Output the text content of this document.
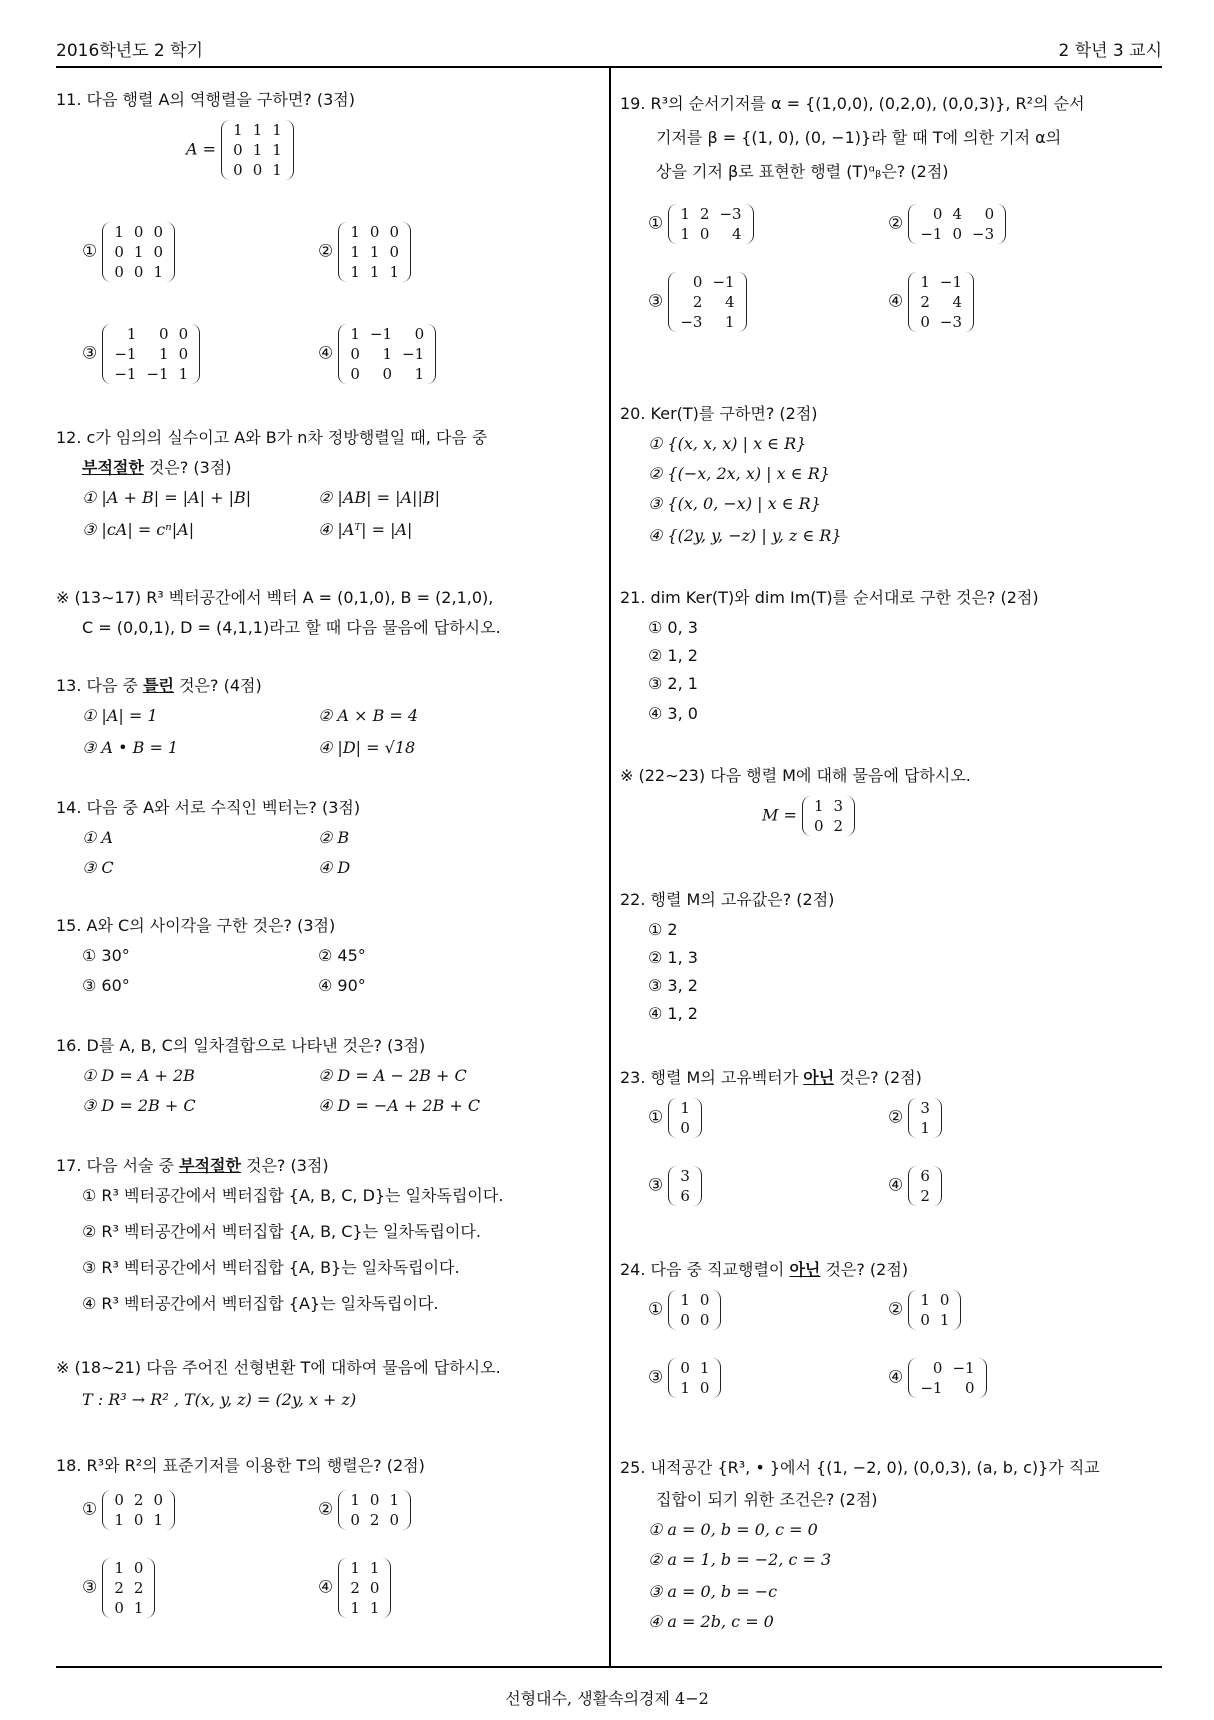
2016학년도 2 학기	2 학년 3 교시
선형대수, 생활속의경제 4−2
11. 다음 행렬 A의 역행렬을 구하면? (3점)
A =
1	1	1
0	1	1
0	0	1
①
1	0	0
0	1	0
0	0	1
②
1	0	0
1	1	0
1	1	1
③
1	0	0
−1	1	0
−1	−1	1
④
1	−1	0
0	1	−1
0	0	1
12. c가 임의의 실수이고 A와 B가 n차 정방행렬일 때, 다음 중
부적절한 것은? (3점)
① |A + B| = |A| + |B|	② |AB| = |A||B|
③ |cA| = cⁿ|A|	④ |Aᵀ| = |A|
※ (13∼17) R³ 벡터공간에서 벡터 A = (0,1,0), B = (2,1,0),
C = (0,0,1), D = (4,1,1)라고 할 때 다음 물음에 답하시오.
13. 다음 중 틀린 것은? (4점)
① |A| = 1	② A × B = 4
③ A • B = 1	④ |D| = √18
14. 다음 중 A와 서로 수직인 벡터는? (3점)
① A	② B
③ C	④ D
15. A와 C의 사이각을 구한 것은? (3점)
① 30°	② 45°
③ 60°	④ 90°
16. D를 A, B, C의 일차결합으로 나타낸 것은? (3점)
① D = A + 2B	② D = A − 2B + C
③ D = 2B + C	④ D = −A + 2B + C
17. 다음 서술 중 부적절한 것은? (3점)
① R³ 벡터공간에서 벡터집합 {A, B, C, D}는 일차독립이다.
② R³ 벡터공간에서 벡터집합 {A, B, C}는 일차독립이다.
③ R³ 벡터공간에서 벡터집합 {A, B}는 일차독립이다.
④ R³ 벡터공간에서 벡터집합 {A}는 일차독립이다.
※ (18∼21) 다음 주어진 선형변환 T에 대하여 물음에 답하시오.
T : R³ → R² , T(x, y, z) = (2y, x + z)
18. R³와 R²의 표준기저를 이용한 T의 행렬은? (2점)
① 0	2	0
1	0	1
② 1	0	1
0	2	0
③
1	0
2	2
0	1
④
1	1
2	0
1	1
19. R³의 순서기저를 α = {(1,0,0), (0,2,0), (0,0,3)}, R²의 순서
기저를 β = {(1, 0), (0, −1)}라 할 때 T에 의한 기저 α의
상을 기저 β로 표현한 행렬 (T)ᵅᵦ은? (2점)
① 1	2	−3
1	0	4
② 0	4	0
−1	0	−3
③
0	−1
2	4
−3	1
④
1	−1
2	4
0	−3
20. Ker(T)를 구하면? (2점)
① {(x, x, x) | x ∈ R}
② {(−x, 2x, x) | x ∈ R}
③ {(x, 0, −x) | x ∈ R}
④ {(2y, y, −z) | y, z ∈ R}
21. dim Ker(T)와 dim Im(T)를 순서대로 구한 것은? (2점)
① 0, 3
② 1, 2
③ 2, 1
④ 3, 0
※ (22∼23) 다음 행렬 M에 대해 물음에 답하시오.
M = 1	3
0	2
22. 행렬 M의 고유값은? (2점)
① 2
② 1, 3
③ 3, 2
④ 1, 2
23. 행렬 M의 고유벡터가 아닌 것은? (2점)
① 1
0
② 3
1
③ 3
6
④ 6
2
24. 다음 중 직교행렬이 아닌 것은? (2점)
① 1	0
0	0
② 1	0
0	1
③ 0	1
1	0
④ 0	−1
−1	0
25. 내적공간 {R³, • }에서 {(1, −2, 0), (0,0,3), (a, b, c)}가 직교
집합이 되기 위한 조건은? (2점)
① a = 0, b = 0, c = 0
② a = 1, b = −2, c = 3
③ a = 0, b = −c
④ a = 2b, c = 0
